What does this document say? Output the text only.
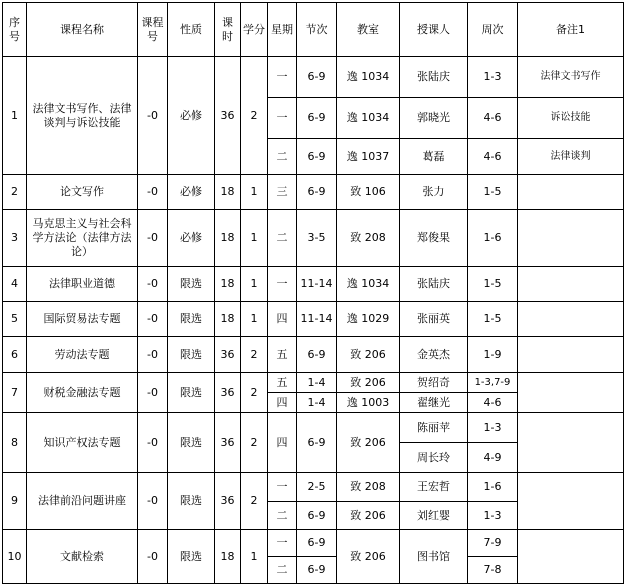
序号	课程名称	课程号	性质	课时	学分	星期	节次	教室	授课人	周次	备注1
1	法律文书写作、法律谈判与诉讼技能	-0	必修	36	2	一	6-9	逸 1034	张陆庆	1-3	法律文书写作
						一	6-9	逸 1034	郭晓光	4-6	诉讼技能
						二	6-9	逸 1037	葛磊	4-6	法律谈判
2	论文写作	-0	必修	18	1	三	6-9	致 106	张力	1-5	
3	马克思主义与社会科学方法论（法律方法论）	-0	必修	18	1	二	3-5	致 208	郑俊果	1-6	
4	法律职业道德	-0	限选	18	1	一	11-14	逸 1034	张陆庆	1-5	
5	国际贸易法专题	-0	限选	18	1	四	11-14	逸 1029	张丽英	1-5	
6	劳动法专题	-0	限选	36	2	五	6-9	致 206	金英杰	1-9	
7	财税金融法专题	-0	限选	36	2	五	1-4	致 206	贺绍奇	1-3,7-9	
						四	1-4	逸 1003	翟继光	4-6	
8	知识产权法专题	-0	限选	36	2	四	6-9	致 206	陈丽苹	1-3	
									周长玲	4-9	
9	法律前沿问题讲座	-0	限选	36	2	一	2-5	致 208	王宏哲	1-6	
						二	6-9	致 206	刘红婴	1-3	
10	文献检索	-0	限选	18	1	一	6-9	致 206	图书馆	7-9	
						二	6-9			7-8	
